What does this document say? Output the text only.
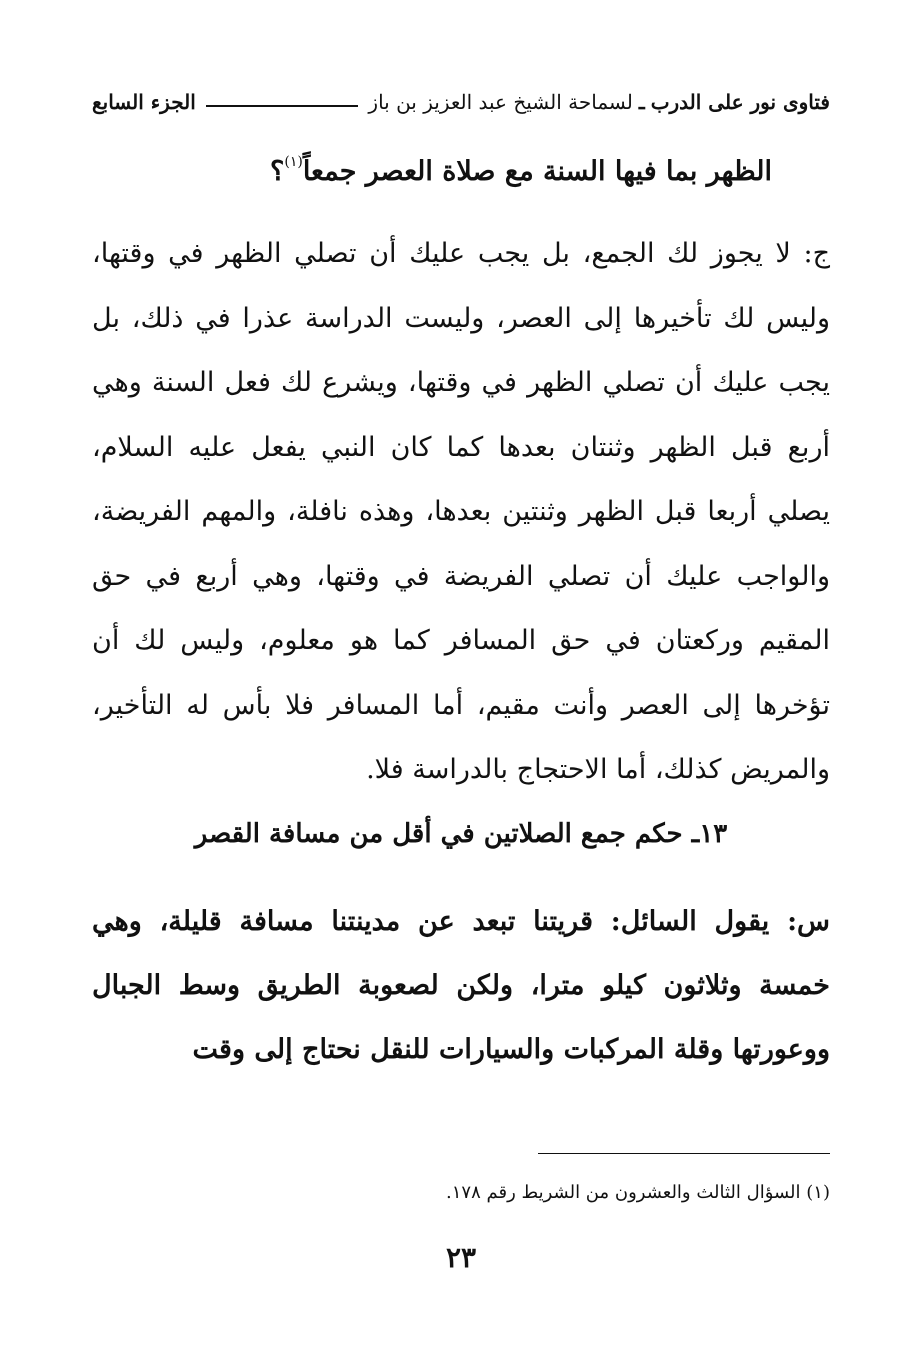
فتاوى نور على الدرب
ـ
لسماحة الشيخ عبد العزيز بن باز
الجزء السابع
الظهر بما فيها السنة مع صلاة العصر جمعاً$^{(١)}$؟
ج: لا يجوز لك الجمع، بل يجب عليك أن تصلي الظهر في وقتها، وليس لك تأخيرها إلى العصر، وليست الدراسة عذرا في ذلك، بل يجب عليك أن تصلي الظهر في وقتها، ويشرع لك فعل السنة وهي أربع قبل الظهر وثنتان بعدها كما كان النبي يفعل عليه السلام، يصلي أربعا قبل الظهر وثنتين بعدها، وهذه نافلة، والمهم الفريضة، والواجب عليك أن تصلي الفريضة في وقتها، وهي أربع في حق المقيم وركعتان في حق المسافر كما هو معلوم، وليس لك أن تؤخرها إلى العصر وأنت مقيم، أما المسافر فلا بأس له التأخير، والمريض كذلك، أما الاحتجاج بالدراسة فلا.
١٣ـ حكم جمع الصلاتين في أقل من مسافة القصر
س: يقول السائل: قريتنا تبعد عن مدينتنا مسافة قليلة، وهي خمسة وثلاثون كيلو مترا، ولكن لصعوبة الطريق وسط الجبال ووعورتها وقلة المركبات والسيارات للنقل نحتاج إلى وقت
(١) السؤال الثالث والعشرون من الشريط رقم ١٧٨.
٢٣
